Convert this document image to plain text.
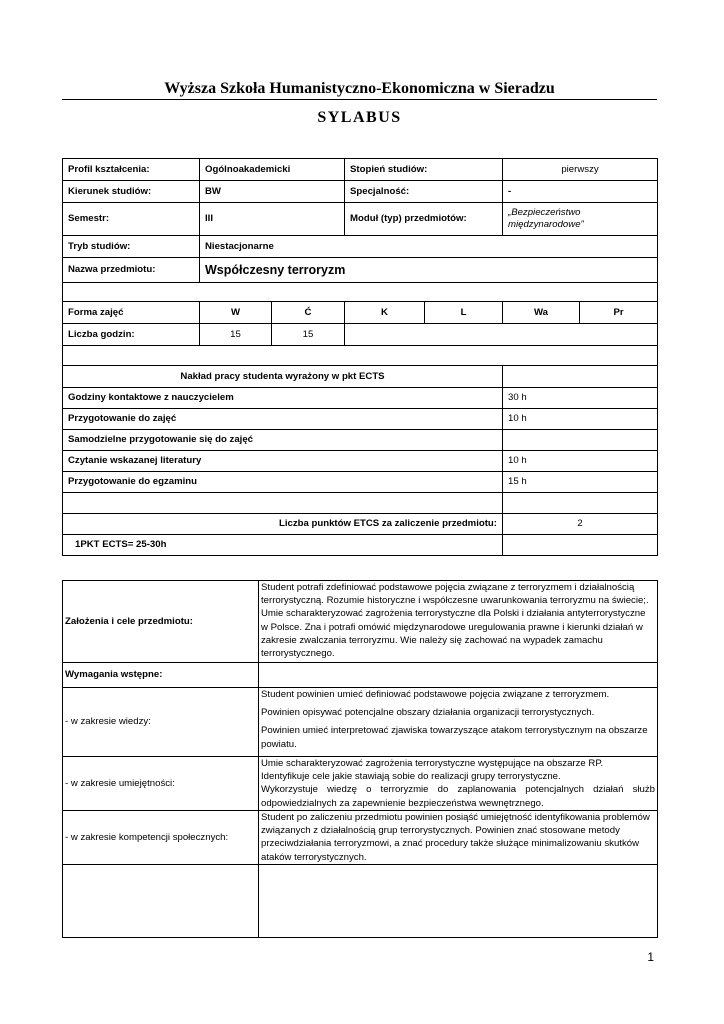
Wyższa Szkoła Humanistyczno-Ekonomiczna w Sieradzu
SYLABUS
Profil kształcenia:	Ogólnoakademicki		Stopień studiów:		pierwszy		
Kierunek studiów:	BW		Specjalność:		-		
Semestr:	III		Moduł (typ) przedmiotów:		„Bezpieczeństwo
międzynarodowe”		

Tryb studiów:	Niestacjonarne						
Nazwa przedmiotu:	Współczesny terroryzm						

Forma zajęć	W	Ć	K	L	Wa	Pr	
Liczba godzin:	15	15					

Nakład pracy studenta wyrażony w pkt ECTS							
Godziny kontaktowe z nauczycielem					30 h		
Przygotowanie do zajęć					10 h		
Samodzielne przygotowanie się do zajęć							
Czytanie wskazanej literatury					10 h		
Przygotowanie do egzaminu					15 h		

Liczba punktów ETCS za zaliczenie przedmiotu:					2		
1PKT ECTS= 25-30h							
Założenia i cele przedmiotu:	Student potrafi zdefiniować podstawowe pojęcia związane z terroryzmem i działalnością terrorystyczną. Rozumie historyczne i współczesne uwarunkowania terroryzmu na świecie;. Umie scharakteryzować zagrożenia terrorystyczne dla Polski i działania antyterrorystyczne w Polsce. Zna i potrafi omówić międzynarodowe uregulowania prawne i kierunki działań w zakresie zwalczania terroryzmu. Wie należy się zachować na wypadek zamachu terrorystycznego.
Wymagania wstępne:	
- w zakresie wiedzy:	Student powinien umieć definiować podstawowe pojęcia związane z terroryzmem.

Powinien opisywać potencjalne obszary działania organizacji terrorystycznych.

Powinien umieć interpretować zjawiska towarzyszące atakom terrorystycznym na obszarze powiatu.

- w zakresie umiejętności:	Umie scharakteryzować zagrożenia terrorystyczne występujące na obszarze RP.

Identyfikuje cele jakie stawiają sobie do realizacji grupy terrorystyczne.

Wykorzystuje wiedzę o terroryzmie do zaplanowania potencjalnych działań służb odpowiedzialnych za zapewnienie bezpieczeństwa wewnętrznego.

- w zakresie kompetencji społecznych:	Student po zaliczeniu przedmiotu powinien posiąść umiejętność identyfikowania problemów związanych z działalnością grup terrorystycznych. Powinien znać stosowane metody przeciwdziałania terroryzmowi, a znać procedury także służące minimalizowaniu skutków ataków terrorystycznych.

1
